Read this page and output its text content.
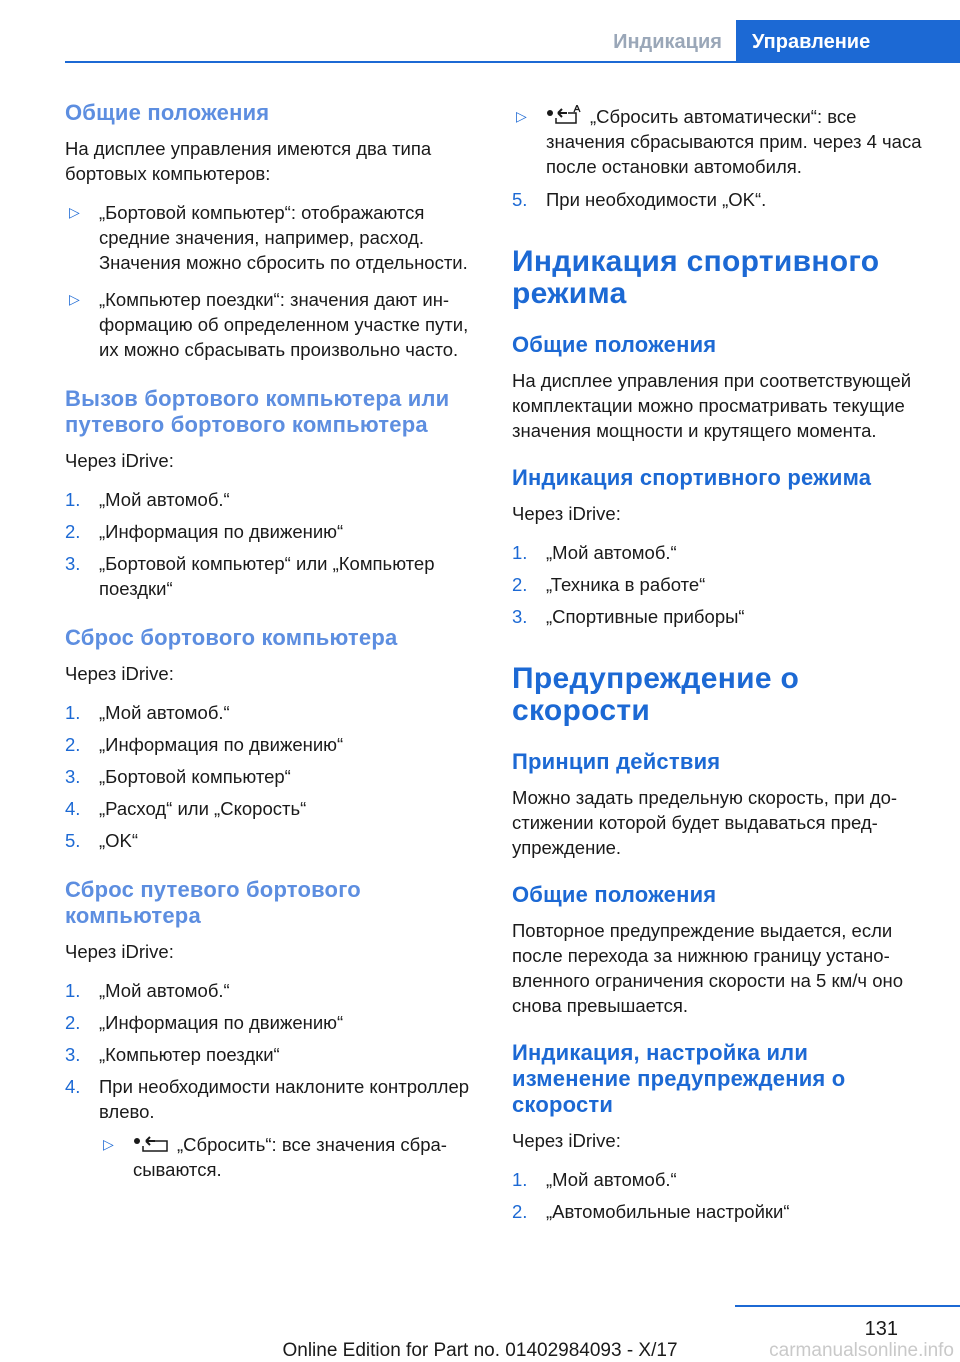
Индикация	Управление
Общие положения
На дисплее управления имеются два типа бортовых компьютеров:
▷ „Бортовой компьютер“: отображаются средние значения, например, расход. Значения можно сбросить по отдельности.
▷ „Компьютер поездки“: значения дают информацию об определенном участке пути, их можно сбрасывать произвольно часто.
Вызов бортового компьютера или путевого бортового компьютера
Через iDrive:
1. „Мой автомоб.“
2. „Информация по движению“
3. „Бортовой компьютер“ или „Компьютер поездки“
Сброс бортового компьютера
Через iDrive:
1. „Мой автомоб.“
2. „Информация по движению“
3. „Бортовой компьютер“
4. „Расход“ или „Скорость“
5. „OK“
Сброс путевого бортового компьютера
Через iDrive:
1. „Мой автомоб.“
2. „Информация по движению“
3. „Компьютер поездки“
4. При необходимости наклоните контроллер влево.
▷	„Сбросить“: все значения сбрасываются.
▷	„Сбросить автоматически“: все значения сбрасываются прим. через 4 часа после остановки автомобиля.
5. При необходимости „OK“.
Индикация спортивного режима
Общие положения
На дисплее управления при соответствующей комплектации можно просматривать текущие значения мощности и крутящего момента.
Индикация спортивного режима
Через iDrive:
1. „Мой автомоб.“
2. „Техника в работе“
3. „Спортивные приборы“
Предупреждение о скорости
Принцип действия
Можно задать предельную скорость, при достижении которой будет выдаваться предупреждение.
Общие положения
Повторное предупреждение выдается, если после перехода за нижнюю границу установленного ограничения скорости на 5 км/ч оно снова превышается.
Индикация, настройка или изменение предупреждения о скорости
Через iDrive:
1. „Мой автомоб.“
2. „Автомобильные настройки“
131
Online Edition for Part no. 01402984093 - X/17	carmanualsonline.info
